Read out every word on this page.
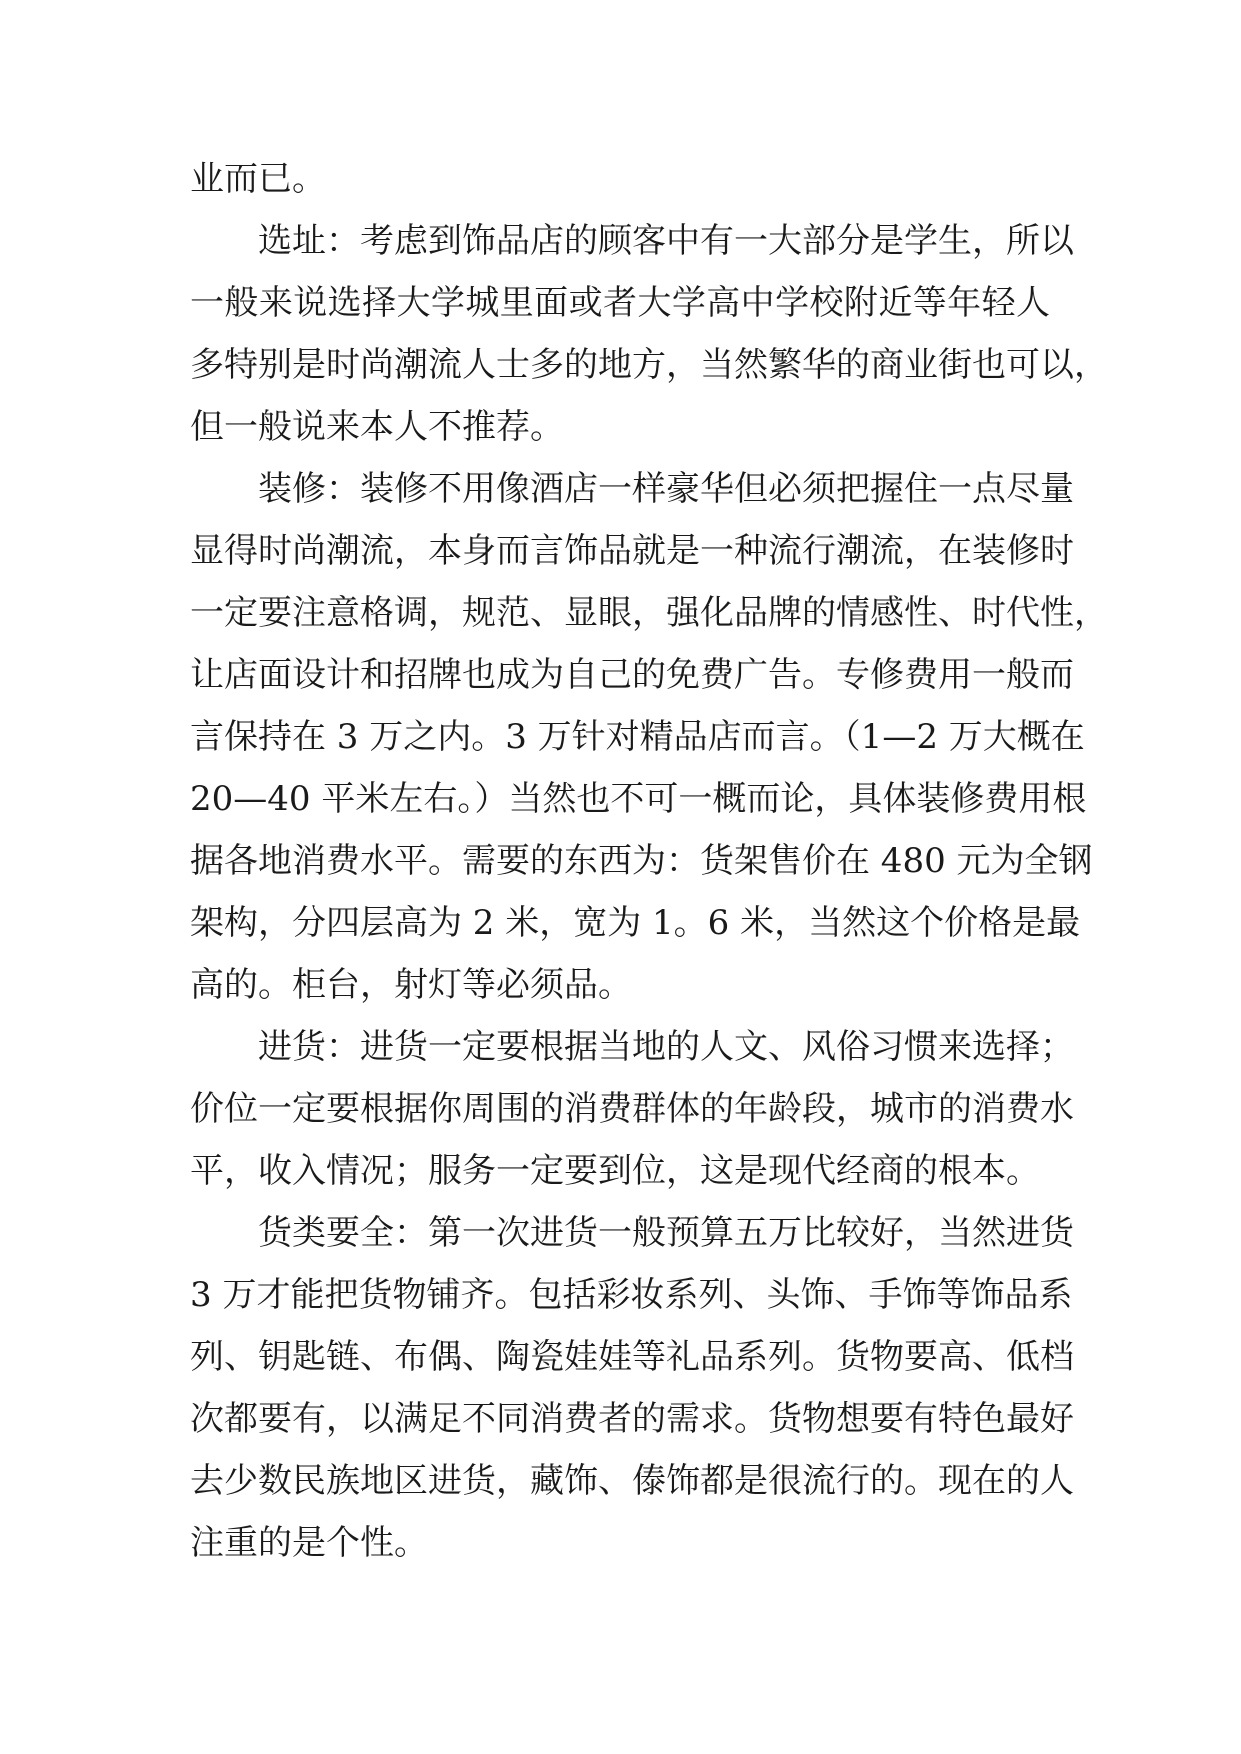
业而已。
选址：考虑到饰品店的顾客中有一大部分是学生，所以
一般来说选择大学城里面或者大学高中学校附近等年轻人
多特别是时尚潮流人士多的地方，当然繁华的商业街也可以，
但一般说来本人不推荐。
装修：装修不用像酒店一样豪华但必须把握住一点尽量
显得时尚潮流，本身而言饰品就是一种流行潮流，在装修时
一定要注意格调，规范、显眼，强化品牌的情感性、时代性，
让店面设计和招牌也成为自己的免费广告。专修费用一般而
言保持在 3 万之内。3 万针对精品店而言。（1—2 万大概在
20—40 平米左右。）当然也不可一概而论，具体装修费用根
据各地消费水平。需要的东西为：货架售价在 480 元为全钢
架构，分四层高为 2 米，宽为 1。6 米，当然这个价格是最
高的。柜台，射灯等必须品。
进货：进货一定要根据当地的人文、风俗习惯来选择；
价位一定要根据你周围的消费群体的年龄段，城市的消费水
平，收入情况；服务一定要到位，这是现代经商的根本。
货类要全：第一次进货一般预算五万比较好，当然进货
3 万才能把货物铺齐。包括彩妆系列、头饰、手饰等饰品系
列、钥匙链、布偶、陶瓷娃娃等礼品系列。货物要高、低档
次都要有，以满足不同消费者的需求。货物想要有特色最好
去少数民族地区进货，藏饰、傣饰都是很流行的。现在的人
注重的是个性。
